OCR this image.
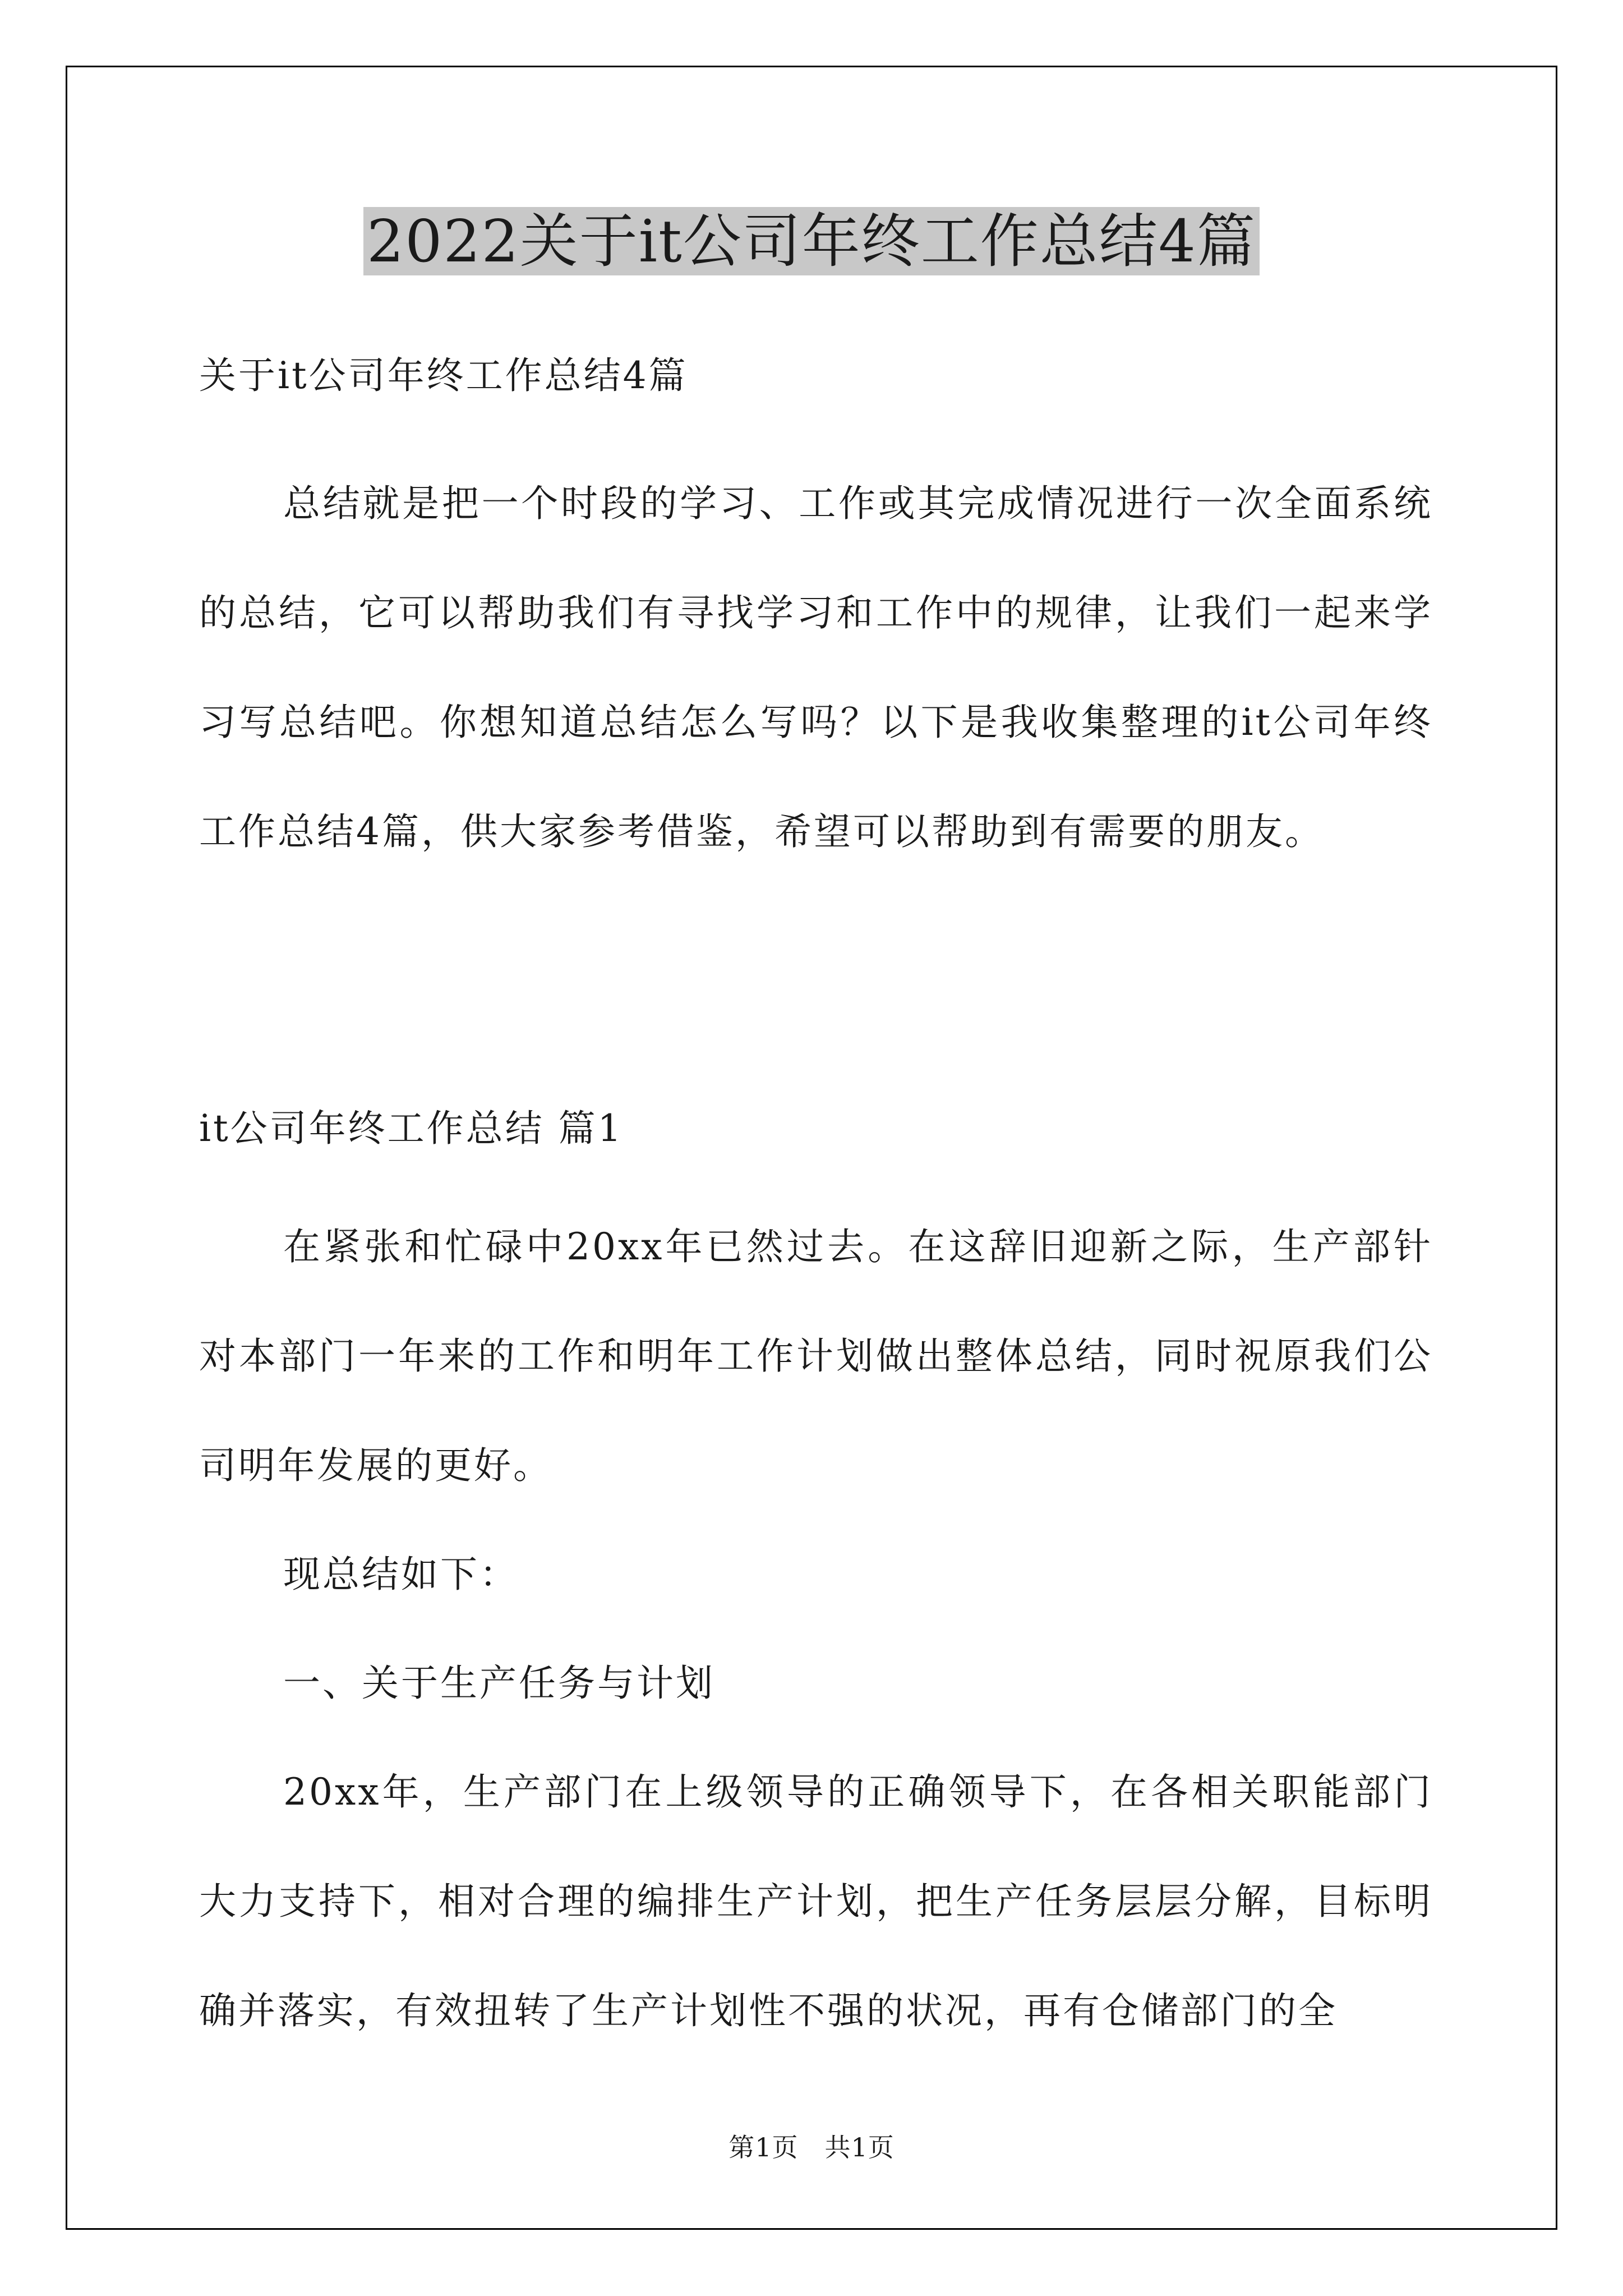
2022关于it公司年终工作总结4篇
关于it公司年终工作总结4篇

总结就是把一个时段的学习、工作或其完成情况进行一次全面系统的总结，它可以帮助我们有寻找学习和工作中的规律，让我们一起来学习写总结吧。你想知道总结怎么写吗？以下是我收集整理的it公司年终工作总结4篇，供大家参考借鉴，希望可以帮助到有需要的朋友。

it公司年终工作总结 篇1

在紧张和忙碌中20xx年已然过去。在这辞旧迎新之际，生产部针对本部门一年来的工作和明年工作计划做出整体总结，同时祝原我们公司明年发展的更好。

现总结如下：

一、关于生产任务与计划

20xx年，生产部门在上级领导的正确领导下，在各相关职能部门大力支持下，相对合理的编排生产计划，把生产任务层层分解，目标明确并落实，有效扭转了生产计划性不强的状况，再有仓储部门的全

第1页　共1页
